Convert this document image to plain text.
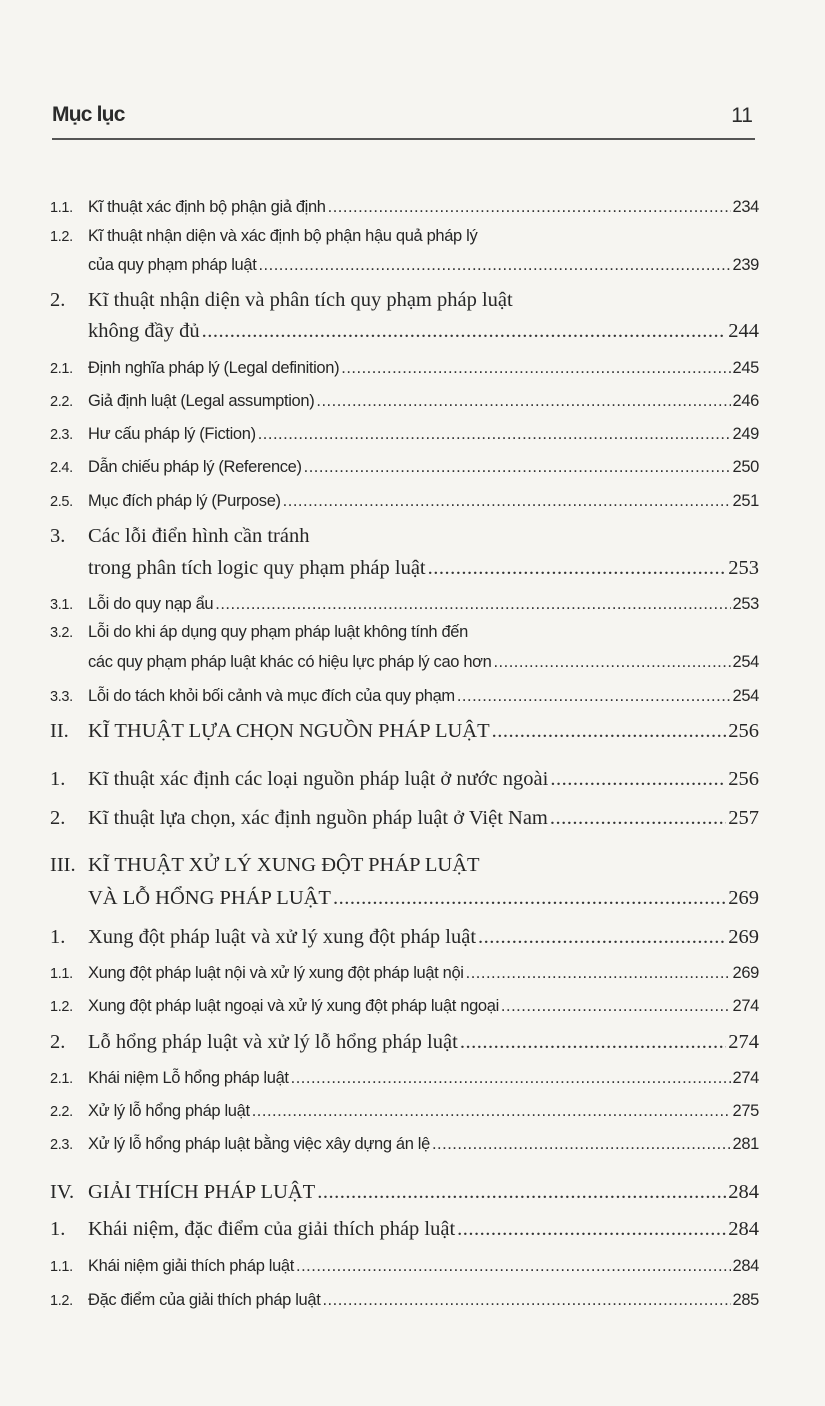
Mục lục	11
1.1. Kĩ thuật xác định bộ phận giả định .....	234
1.2. Kĩ thuật nhận diện và xác định bộ phận hậu quả pháp lý
của quy phạm pháp luật .....	239
2.	Kĩ thuật nhận diện và phân tích quy phạm pháp luật
không đầy đủ .....	244
2.1. Định nghĩa pháp lý (Legal definition) .....	245
2.2. Giả định luật (Legal assumption) .....	246
2.3. Hư cấu pháp lý (Fiction) .....	249
2.4. Dẫn chiếu pháp lý (Reference) .....	250
2.5. Mục đích pháp lý (Purpose) .....	251
3.	Các lỗi điển hình cần tránh
trong phân tích logic quy phạm pháp luật .....	253
3.1. Lỗi do quy nạp ẩu .....	253
3.2. Lỗi do khi áp dụng quy phạm pháp luật không tính đến
các quy phạm pháp luật khác có hiệu lực pháp lý cao hơn .....	254
3.3. Lỗi do tách khỏi bối cảnh và mục đích của quy phạm .....	254
II. KĨ THUẬT LỰA CHỌN NGUỒN PHÁP LUẬT .....	256
1.	Kĩ thuật xác định các loại nguồn pháp luật ở nước ngoài .....	256
2.	Kĩ thuật lựa chọn, xác định nguồn pháp luật ở Việt Nam .....	257
III. KĨ THUẬT XỬ LÝ XUNG ĐỘT PHÁP LUẬT
VÀ LỖ HỔNG PHÁP LUẬT .....	269
1.	Xung đột pháp luật và xử lý xung đột pháp luật .....	269
1.1. Xung đột pháp luật nội và xử lý xung đột pháp luật nội .....	269
1.2. Xung đột pháp luật ngoại và xử lý xung đột pháp luật ngoại .....	274
2.	Lỗ hổng pháp luật và xử lý lỗ hổng pháp luật .....	274
2.1. Khái niệm Lỗ hổng pháp luật .....	274
2.2. Xử lý lỗ hổng pháp luật .....	275
2.3. Xử lý lỗ hổng pháp luật bằng việc xây dựng án lệ .....	281
IV. GIẢI THÍCH PHÁP LUẬT .....	284
1.	Khái niệm, đặc điểm của giải thích pháp luật .....	284
1.1. Khái niệm giải thích pháp luật .....	284
1.2. Đặc điểm của giải thích pháp luật .....	285
